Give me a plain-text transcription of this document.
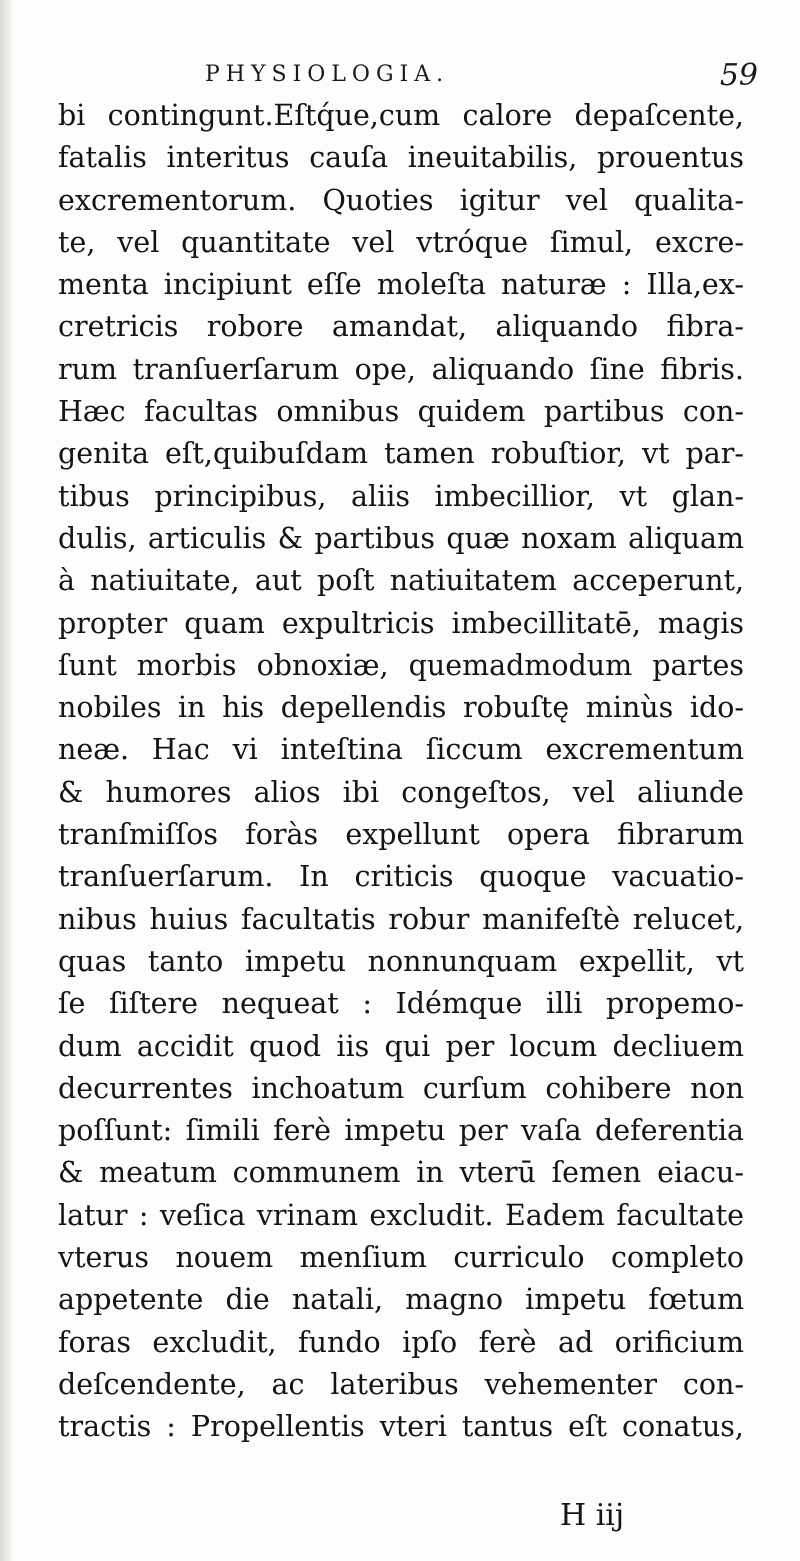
PHYSIOLOGIA.	59
bi contingunt.Eſtq́ue,cum calore depaſcente,
fatalis interitus cauſa ineuitabilis, prouentus
excrementorum. Quoties igitur vel qualita-
te, vel quantitate vel vtróque ſimul, excre-
menta incipiunt eſſe moleſta naturæ : Illa,ex-
cretricis robore amandat, aliquando fibra-
rum tranſuerſarum ope, aliquando ſine fibris.
Hæc facultas omnibus quidem partibus con-
genita eſt,quibuſdam tamen robuſtior, vt par-
tibus principibus, aliis imbecillior, vt glan-
dulis, articulis & partibus quæ noxam aliquam
à natiuitate, aut poſt natiuitatem acceperunt,
propter quam expultricis imbecillitatē, magis
ſunt morbis obnoxiæ, quemadmodum partes
nobiles in his depellendis robuſtę minùs ido-
neæ. Hac vi inteſtina ſiccum excrementum
& humores alios ibi congeſtos, vel aliunde
tranſmiſſos foràs expellunt opera fibrarum
tranſuerſarum. In criticis quoque vacuatio-
nibus huius facultatis robur manifeſtè relucet,
quas tanto impetu nonnunquam expellit, vt
ſe ſiſtere nequeat : Idémque illi propemo-
dum accidit quod iis qui per locum decliuem
decurrentes inchoatum curſum cohibere non
poſſunt: ſimili ferè impetu per vaſa deferentia
& meatum communem in vterū ſemen eiacu-
latur : veſica vrinam excludit. Eadem facultate
vterus nouem menſium curriculo completo
appetente die natali, magno impetu fœtum
foras excludit, fundo ipſo ferè ad orificium
deſcendente, ac lateribus vehementer con-
tractis : Propellentis vteri tantus eſt conatus,
H iij
